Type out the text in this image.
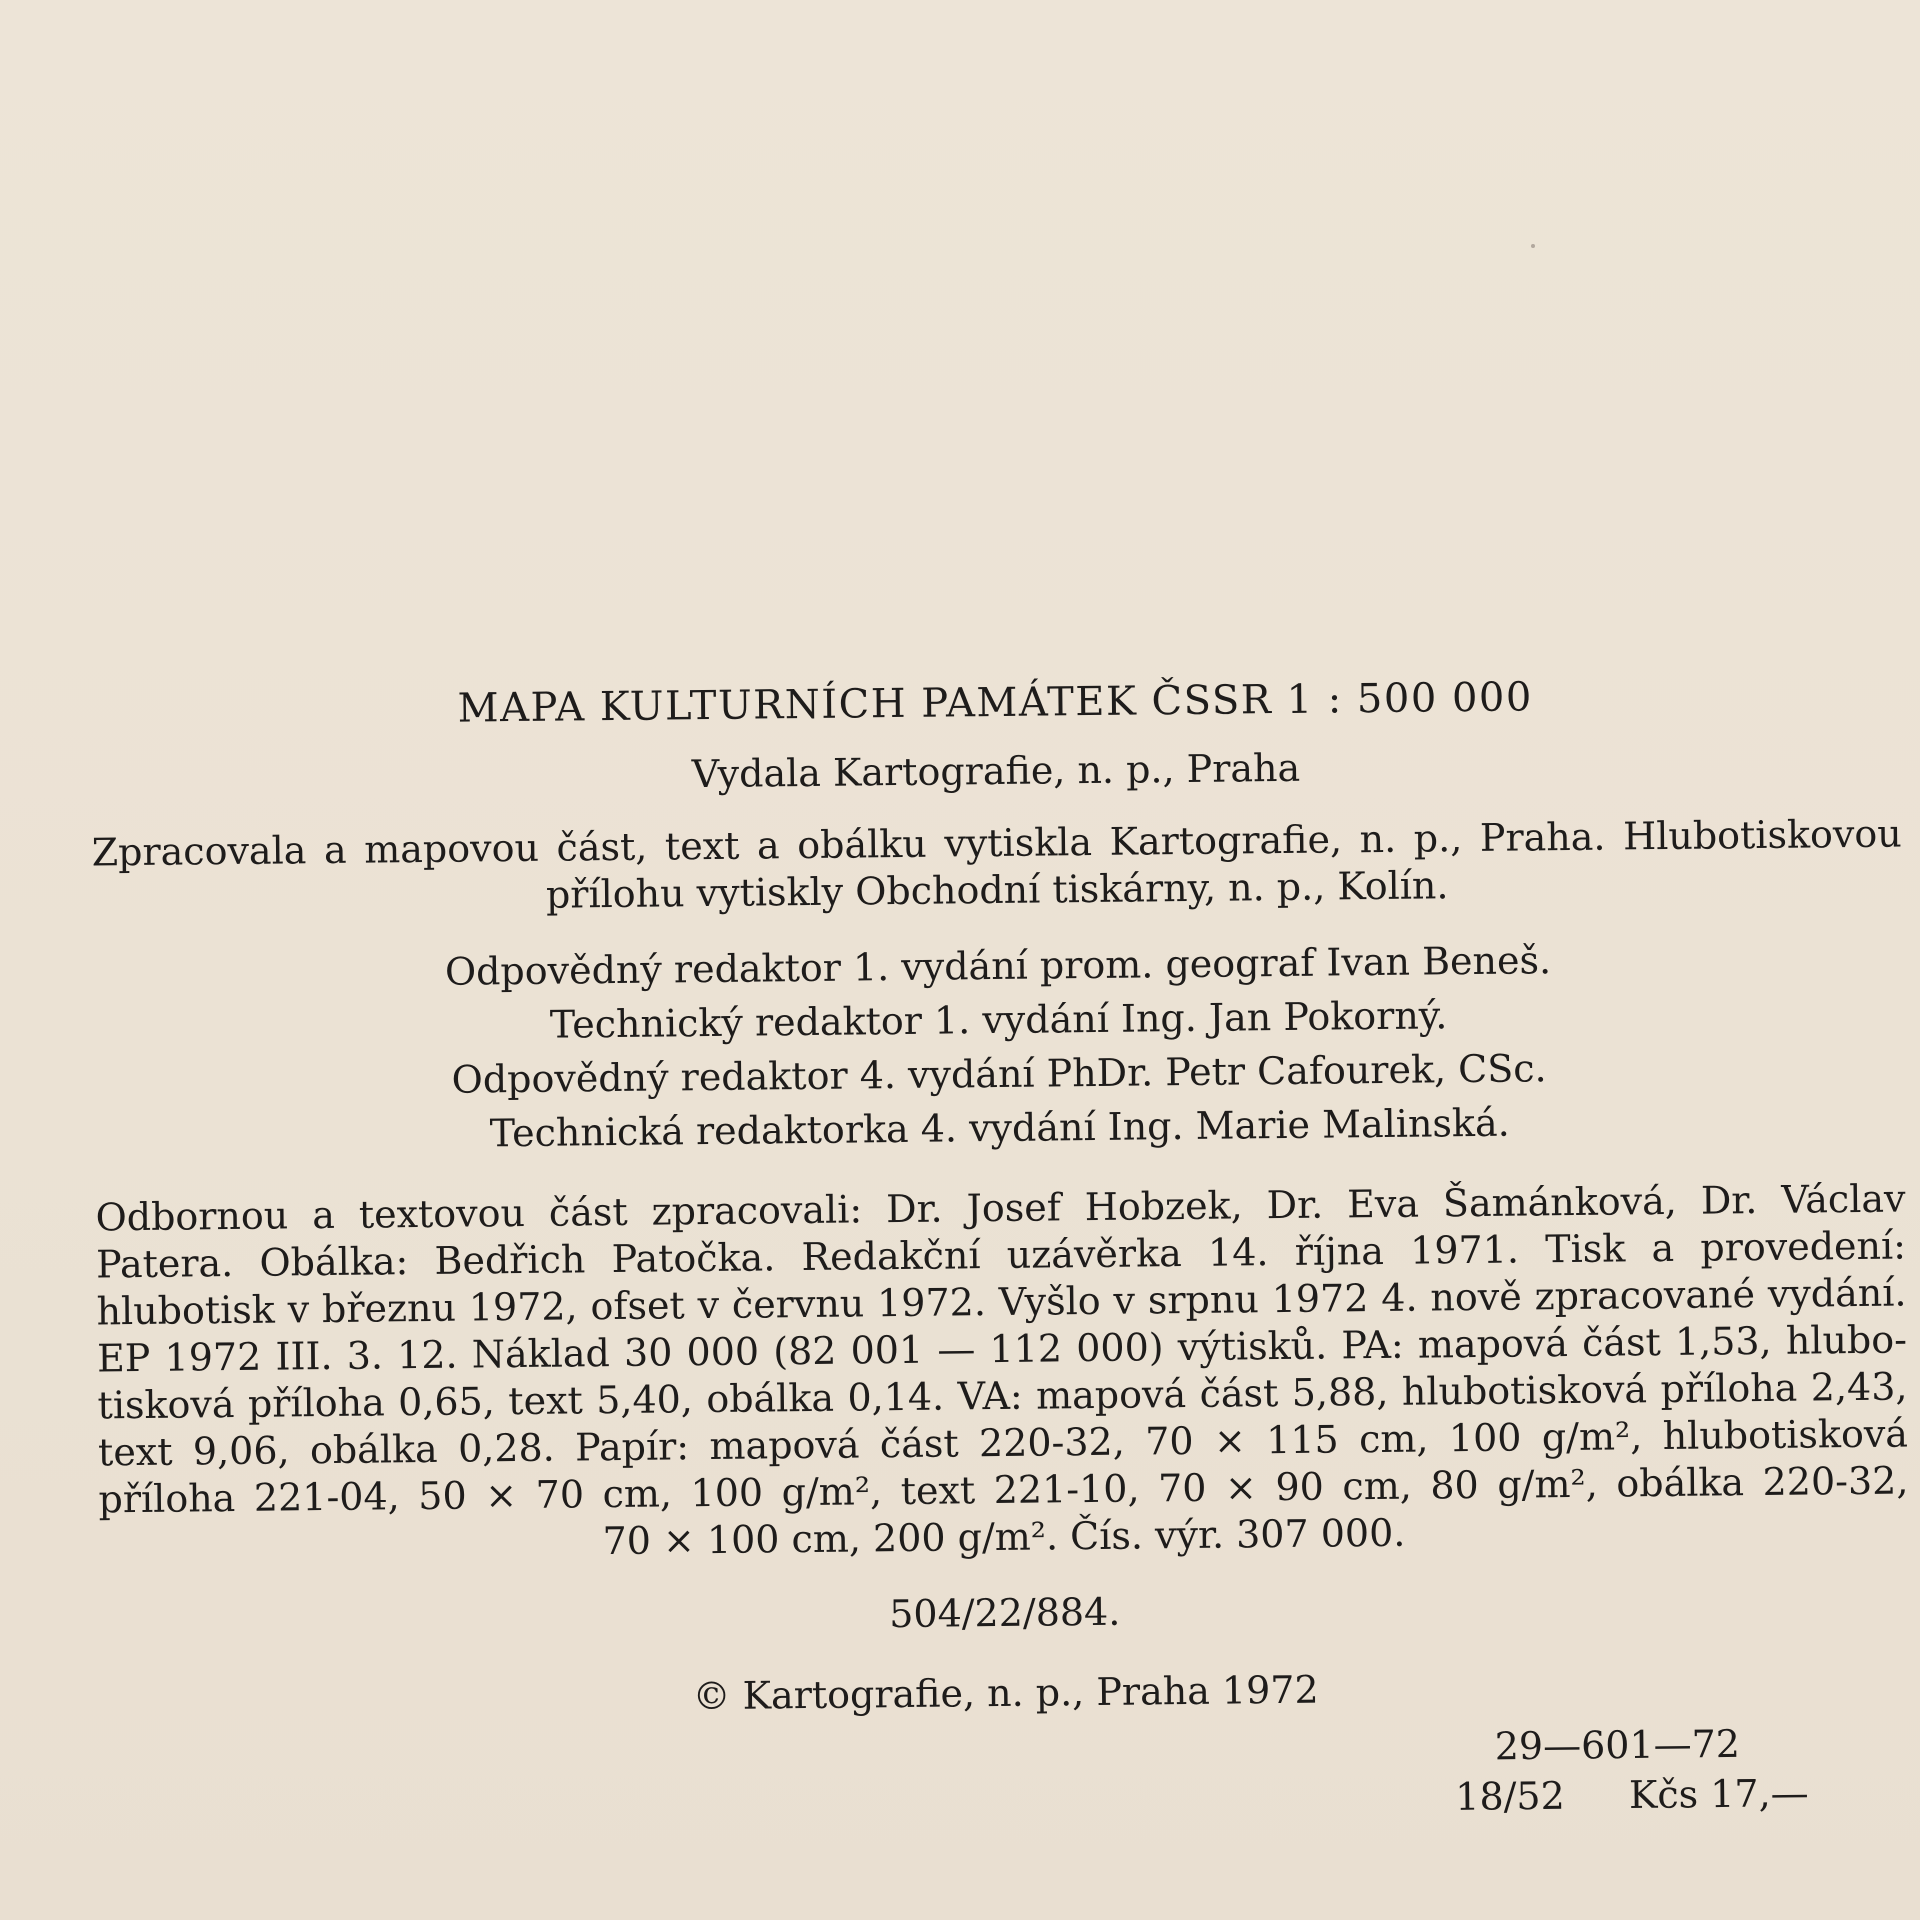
MAPA KULTURNÍCH PAMÁTEK ČSSR 1 : 500 000

Vydala Kartografie, n. p., Praha

Zpracovala a mapovou část, text a obálku vytiskla Kartografie, n. p., Praha. Hlubotiskovou

přílohu vytiskly Obchodní tiskárny, n. p., Kolín.

Odpovědný redaktor 1. vydání prom. geograf Ivan Beneš.

Technický redaktor 1. vydání Ing. Jan Pokorný.

Odpovědný redaktor 4. vydání PhDr. Petr Cafourek, CSc.

Technická redaktorka 4. vydání Ing. Marie Malinská.

Odbornou a textovou část zpracovali: Dr. Josef Hobzek, Dr. Eva Šamánková, Dr. Václav

Patera. Obálka: Bedřich Patočka. Redakční uzávěrka 14. října 1971. Tisk a provedení:

hlubotisk v březnu 1972, ofset v červnu 1972. Vyšlo v srpnu 1972 4. nově zpracované vydání.

EP 1972 III. 3. 12. Náklad 30 000 (82 001 — 112 000) výtisků. PA: mapová část 1,53, hlubo-

tisková příloha 0,65, text 5,40, obálka 0,14. VA: mapová část 5,88, hlubotisková příloha 2,43,

text 9,06, obálka 0,28. Papír: mapová část 220-32, 70 × 115 cm, 100 g/m², hlubotisková

příloha 221-04, 50 × 70 cm, 100 g/m², text 221-10, 70 × 90 cm, 80 g/m², obálka 220-32,

70 × 100 cm, 200 g/m². Čís. výr. 307 000.

504/22/884.

© Kartografie, n. p., Praha 1972

29—601—72
18/52 Kčs 17,—
